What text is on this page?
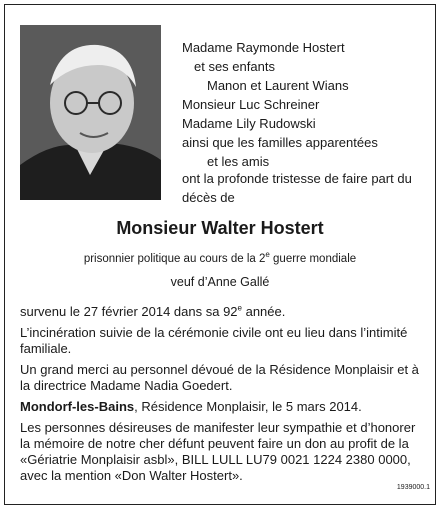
Madame Raymonde Hostert
et ses enfants
Manon et Laurent Wians
Monsieur Luc Schreiner
Madame Lily Rudowski
ainsi que les familles apparentées
et les amis
ont la profonde tristesse de faire part du
décès de
Monsieur Walter Hostert
prisonnier politique au cours de la 2e guerre mondiale
veuf d’Anne Gallé

survenu le 27 février 2014 dans sa 92e année.

L’incinération suivie de la cérémonie civile ont eu lieu dans l’intimité familiale.

Un grand merci au personnel dévoué de la Résidence Monplaisir et à la directrice Madame Nadia Goedert.

Mondorf-les-Bains, Résidence Monplaisir, le 5 mars 2014.

Les personnes désireuses de manifester leur sympathie et d’honorer la mémoire de notre cher défunt peuvent faire un don au profit de la «Gériatrie Monplaisir asbl», BILL LULL LU79 0021 1224 2380 0000, avec la mention «Don Walter Hostert».

1939000.1
